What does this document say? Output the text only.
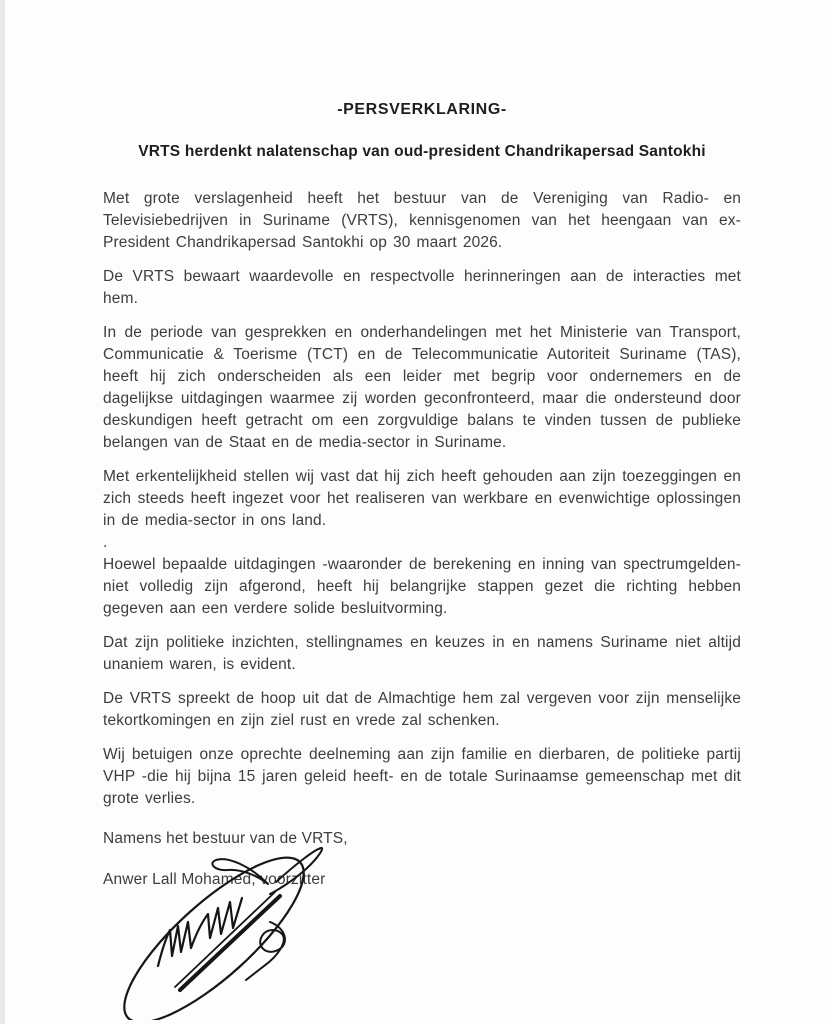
-PERSVERKLARING-
VRTS herdenkt nalatenschap van oud-president Chandrikapersad Santokhi
Met grote verslagenheid heeft het bestuur van de Vereniging van Radio- en Televisiebedrijven in Suriname (VRTS), kennisgenomen van het heengaan van ex-President Chandrikapersad Santokhi op 30 maart 2026.
De VRTS bewaart waardevolle en respectvolle herinneringen aan de interacties met hem.
In de periode van gesprekken en onderhandelingen met het Ministerie van Transport, Communicatie & Toerisme (TCT) en de Telecommunicatie Autoriteit Suriname (TAS), heeft hij zich onderscheiden als een leider met begrip voor ondernemers en de dagelijkse uitdagingen waarmee zij worden geconfronteerd, maar die ondersteund door deskundigen heeft getracht om een zorgvuldige balans te vinden tussen de publieke belangen van de Staat en de media-sector in Suriname.
Met erkentelijkheid stellen wij vast dat hij zich heeft gehouden aan zijn toezeggingen en zich steeds heeft ingezet voor het realiseren van werkbare en evenwichtige oplossingen in de media-sector in ons land.
.
Hoewel bepaalde uitdagingen -waaronder de berekening en inning van spectrumgelden- niet volledig zijn afgerond, heeft hij belangrijke stappen gezet die richting hebben gegeven aan een verdere solide besluitvorming.
Dat zijn politieke inzichten, stellingnames en keuzes in en namens Suriname niet altijd unaniem waren, is evident.
De VRTS spreekt de hoop uit dat de Almachtige hem zal vergeven voor zijn menselijke tekortkomingen en zijn ziel rust en vrede zal schenken.
Wij betuigen onze oprechte deelneming aan zijn familie en dierbaren, de politieke partij VHP -die hij bijna 15 jaren geleid heeft- en de totale Surinaamse gemeenschap met dit grote verlies.
Namens het bestuur van de VRTS,
Anwer Lall Mohamed, voorzitter
